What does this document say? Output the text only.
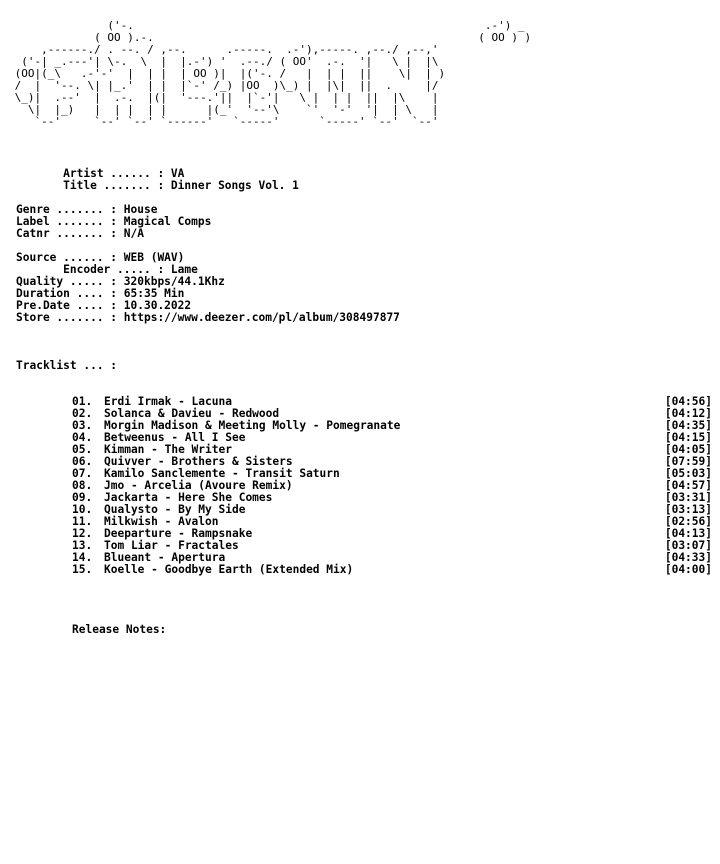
('-.                                                     .-') _
( OO ).-.                                                 ( OO ) )
,------./ . --. / ,--.      .-----.  .-'),-----. ,--./ ,--,'
('-| _.---'| \-.  \  |  |.-') '  .--./ ( OO'  .-.  '|   \ |  |\
(OO|(_\   .-'-'  |  | |  | OO )|  |('-. /   |  | |  ||    \|  | )
/  |  '--. \| |_.'  | |  |`-' /_) |OO  )\_) |  |\|  ||  .     |/
\_)|  .--'  |  .-.  |(|  '---.'||  |`-'|   \ |  | |  ||  |\    |
\|  |_)   |  | |  | |      |(_'  '--'\    `'  '-'  '|  | \   |
`--'     `--' `--' `------'   `-----'      `-----' `--'  `--'
Artist ...... : VA
Title ....... : Dinner Songs Vol. 1
Genre ....... : House
Label ....... : Magical Comps
Catnr ....... : N/A
Source ...... : WEB (WAV)
Encoder ..... : Lame
Quality ..... : 320kbps/44.1Khz
Duration .... : 65:35 Min
Pre.Date .... : 10.30.2022
Store ....... : https://www.deezer.com/pl/album/308497877
Tracklist ... :
01. Erdi Irmak - Lacuna	[04:56]
02. Solanca & Davieu - Redwood	[04:12]
03. Morgin Madison & Meeting Molly - Pomegranate	[04:35]
04. Betweenus - All I See	[04:15]
05. Kimman - The Writer	[04:05]
06. Quivver - Brothers & Sisters	[07:59]
07. Kamilo Sanclemente - Transit Saturn	[05:03]
08. Jmo - Arcelia (Avoure Remix)	[04:57]
09. Jackarta - Here She Comes	[03:31]
10. Qualysto - By My Side	[03:13]
11. Milkwish - Avalon	[02:56]
12. Deeparture - Rampsnake	[04:13]
13. Tom Liar - Fractales	[03:07]
14. Blueant - Apertura	[04:33]
15. Koelle - Goodbye Earth (Extended Mix)	[04:00]
Release Notes:
